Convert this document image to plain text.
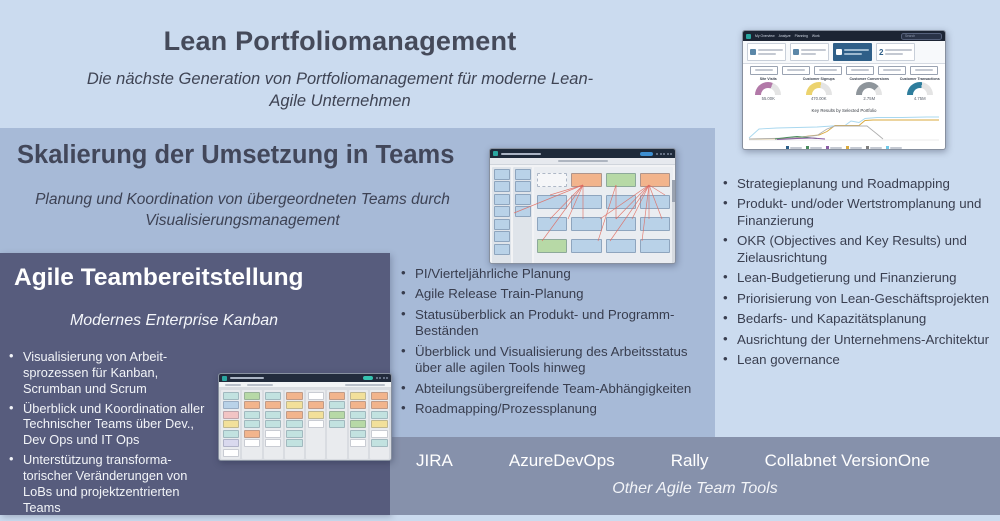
Lean Portfoliomanagement
Die nächste Generation von Portfoliomanagement für moderne Lean-Agile Unternehmen
• Strategieplanung und Roadmapping
• Produkt- und/oder Wertstromplanung und Finanzierung
• OKR (Objectives and Key Results) und Zielausrichtung
• Lean-Budgetierung und Finanzierung
• Priorisierung von Lean-Geschäftsprojekten
• Bedarfs- und Kapazitätsplanung
• Ausrichtung der Unternehmens-Architektur
• Lean governance
Skalierung der Umsetzung in Teams
Planung und Koordination von übergeordneten Teams durch Visualisierungsmanagement
• PI/Vierteljährliche Planung
• Agile Release Train-Planung
• Statusüberblick an Produkt- und Programm-Beständen
• Überblick und Visualisierung des Arbeitsstatus über alle agilen Tools hinweg
• Abteilungsübergreifende Team-Abhängigkeiten
• Roadmapping/Prozessplanung
Agile Teambereitstellung
Modernes Enterprise Kanban
• Visualisierung von Arbeit-sprozessen für Kanban, Scrumban und Scrum
• Überblick und Koordination aller Technischer Teams über Dev., Dev Ops und IT Ops
• Unterstützung transforma-torischer Veränderungen von LoBs und projektzentrierten Teams
JIRA	AzureDevOps	Rally	Collabnet VersionOne
Other Agile Team Tools
My Overview Analyze Planning Work	Search
2
Site Visits
55.00K
Customer Signups
470.00K
Customer Conversions
2.75M
Customer Transactions
4.75M
Key Results by Selected Portfolio
